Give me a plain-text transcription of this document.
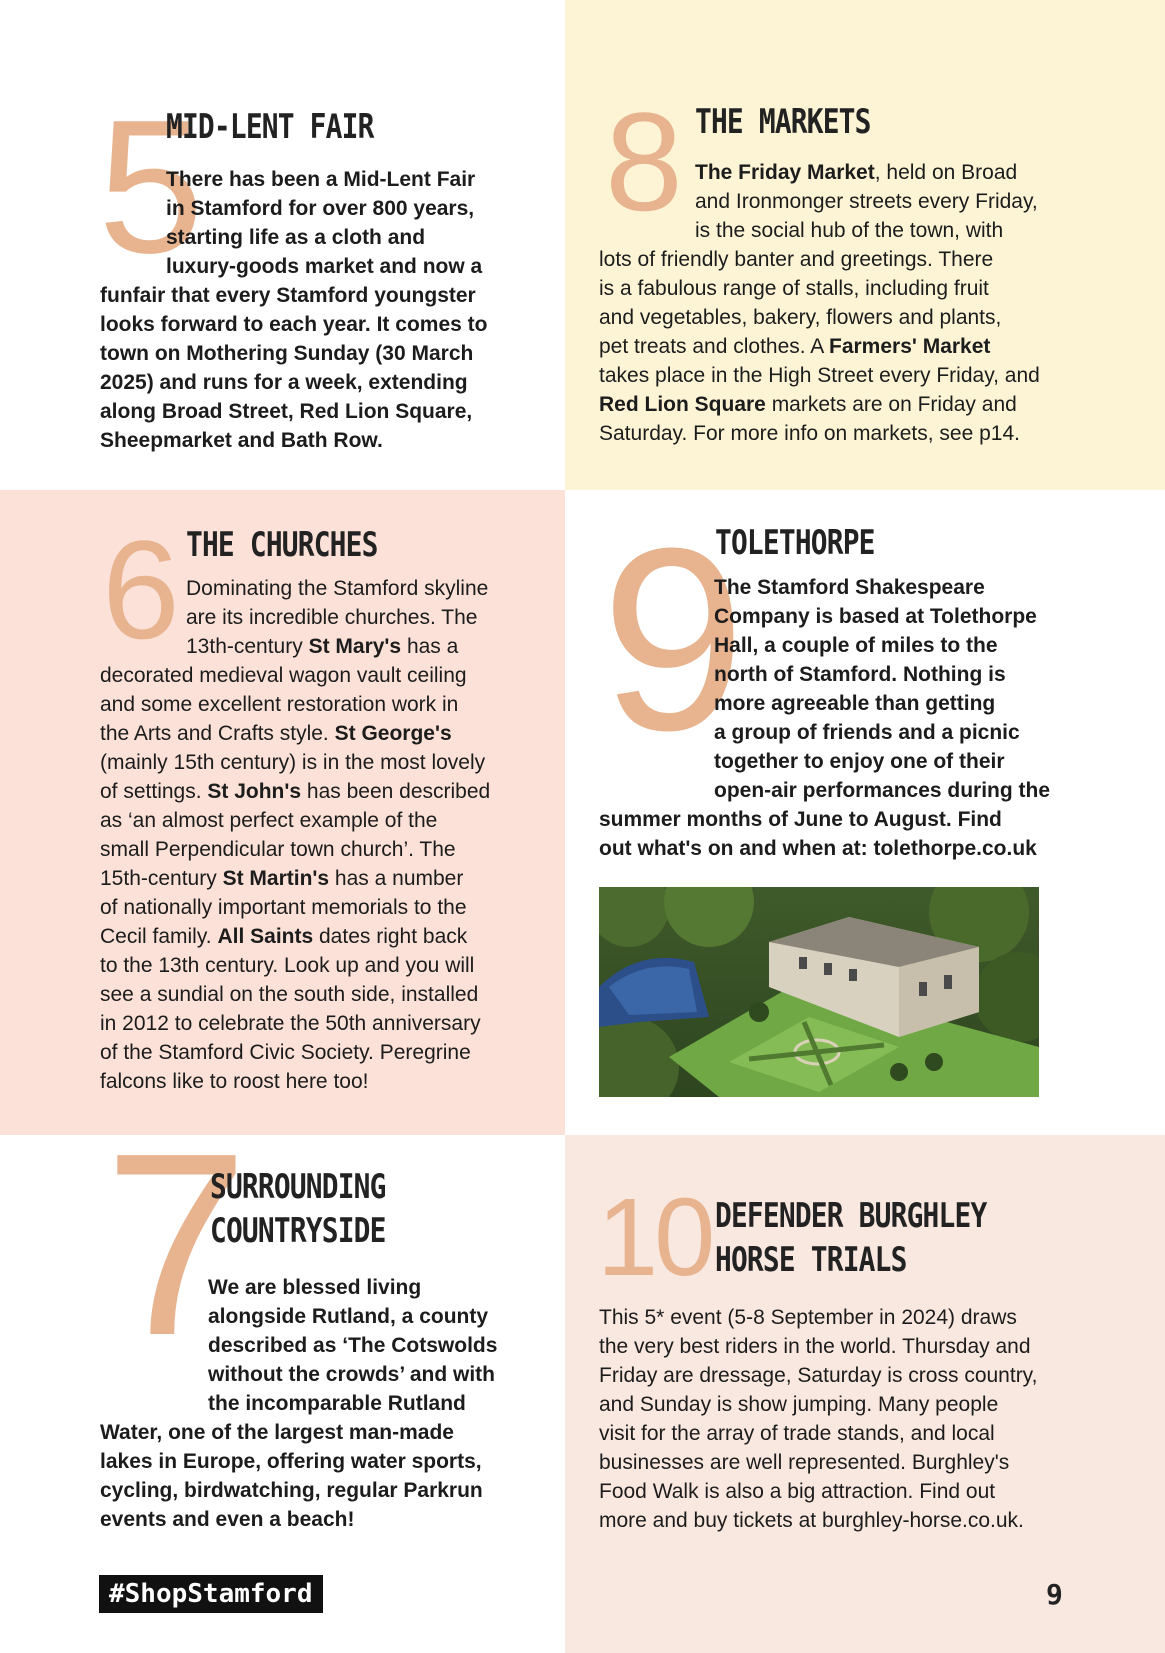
5
MID-LENT FAIR
There has been a Mid-Lent Fair
in Stamford for over 800 years,
starting life as a cloth and
luxury-goods market and now a
funfair that every Stamford youngster
looks forward to each year. It comes to
town on Mothering Sunday (30 March
2025) and runs for a week, extending
along Broad Street, Red Lion Square,
Sheepmarket and Bath Row.
8 THE MARKETS
The Friday Market, held on Broad
and Ironmonger streets every Friday,
is the social hub of the town, with
lots of friendly banter and greetings. There
is a fabulous range of stalls, including fruit
and vegetables, bakery, flowers and plants,
pet treats and clothes. A Farmers' Market
takes place in the High Street every Friday, and
Red Lion Square markets are on Friday and
Saturday. For more info on markets, see p14.
6 THE CHURCHES
Dominating the Stamford skyline
are its incredible churches. The
13th-century St Mary's has a
decorated medieval wagon vault ceiling
and some excellent restoration work in
the Arts and Crafts style. St George's
(mainly 15th century) is in the most lovely
of settings. St John's has been described
as ‘an almost perfect example of the
small Perpendicular town church’. The
15th-century St Martin's has a number
of nationally important memorials to the
Cecil family. All Saints dates right back
to the 13th century. Look up and you will
see a sundial on the south side, installed
in 2012 to celebrate the 50th anniversary
of the Stamford Civic Society. Peregrine
falcons like to roost here too!
9
TOLETHORPE
The Stamford Shakespeare
Company is based at Tolethorpe
Hall, a couple of miles to the
north of Stamford. Nothing is
more agreeable than getting
a group of friends and a picnic
together to enjoy one of their
open-air performances during the
summer months of June to August. Find
out what's on and when at: tolethorpe.co.uk
7
SURROUNDING
COUNTRYSIDE
We are blessed living
alongside Rutland, a county
described as ‘The Cotswolds
without the crowds’ and with
the incomparable Rutland
Water, one of the largest man-made
lakes in Europe, offering water sports,
cycling, birdwatching, regular Parkrun
events and even a beach!
10 DEFENDER BURGHLEY
HORSE TRIALS
This 5* event (5-8 September in 2024) draws
the very best riders in the world. Thursday and
Friday are dressage, Saturday is cross country,
and Sunday is show jumping. Many people
visit for the array of trade stands, and local
businesses are well represented. Burghley's
Food Walk is also a big attraction. Find out
more and buy tickets at burghley-horse.co.uk.
#ShopStamford	9
